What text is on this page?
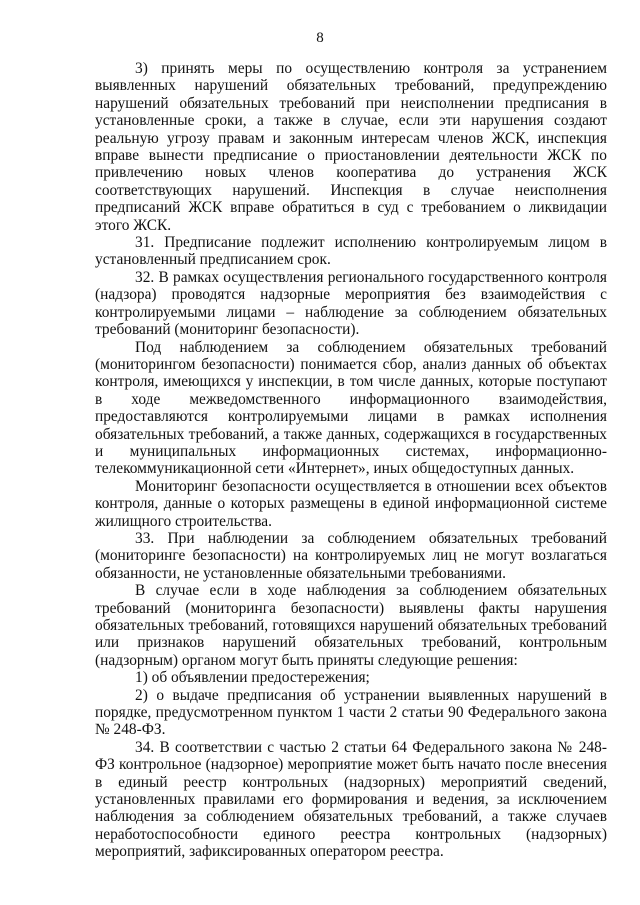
8

3) принять меры по осуществлению контроля за устранением выявленных нарушений обязательных требований, предупреждению нарушений обязательных требований при неисполнении предписания в установленные сроки, а также в случае, если эти нарушения создают реальную угрозу правам и законным интересам членов ЖСК, инспекция вправе вынести предписание о приостановлении деятельности ЖСК по привлечению новых членов кооператива до устранения ЖСК соответствующих нарушений. Инспекция в случае неисполнения предписаний ЖСК вправе обратиться в суд с требованием о ликвидации этого ЖСК.

31. Предписание подлежит исполнению контролируемым лицом в установленный предписанием срок.

32. В рамках осуществления регионального государственного контроля (надзора) проводятся надзорные мероприятия без взаимодействия с контролируемыми лицами – наблюдение за соблюдением обязательных требований (мониторинг безопасности).

Под наблюдением за соблюдением обязательных требований (мониторингом безопасности) понимается сбор, анализ данных об объектах контроля, имеющихся у инспекции, в том числе данных, которые поступают в ходе межведомственного информационного взаимодействия, предоставляются контролируемыми лицами в рамках исполнения обязательных требований, а также данных, содержащихся в государственных и муниципальных информационных системах, информационно-телекоммуникационной сети «Интернет», иных общедоступных данных.

Мониторинг безопасности осуществляется в отношении всех объектов контроля, данные о которых размещены в единой информационной системе жилищного строительства.

33. При наблюдении за соблюдением обязательных требований (мониторинге безопасности) на контролируемых лиц не могут возлагаться обязанности, не установленные обязательными требованиями.

В случае если в ходе наблюдения за соблюдением обязательных требований (мониторинга безопасности) выявлены факты нарушения обязательных требований, готовящихся нарушений обязательных требований или признаков нарушений обязательных требований, контрольным (надзорным) органом могут быть приняты следующие решения:

1) об объявлении предостережения;

2) о выдаче предписания об устранении выявленных нарушений в порядке, предусмотренном пунктом 1 части 2 статьи 90 Федерального закона № 248-ФЗ.

34. В соответствии с частью 2 статьи 64 Федерального закона № 248-ФЗ контрольное (надзорное) мероприятие может быть начато после внесения в единый реестр контрольных (надзорных) мероприятий сведений, установленных правилами его формирования и ведения, за исключением наблюдения за соблюдением обязательных требований, а также случаев неработоспособности единого реестра контрольных (надзорных) мероприятий, зафиксированных оператором реестра.
